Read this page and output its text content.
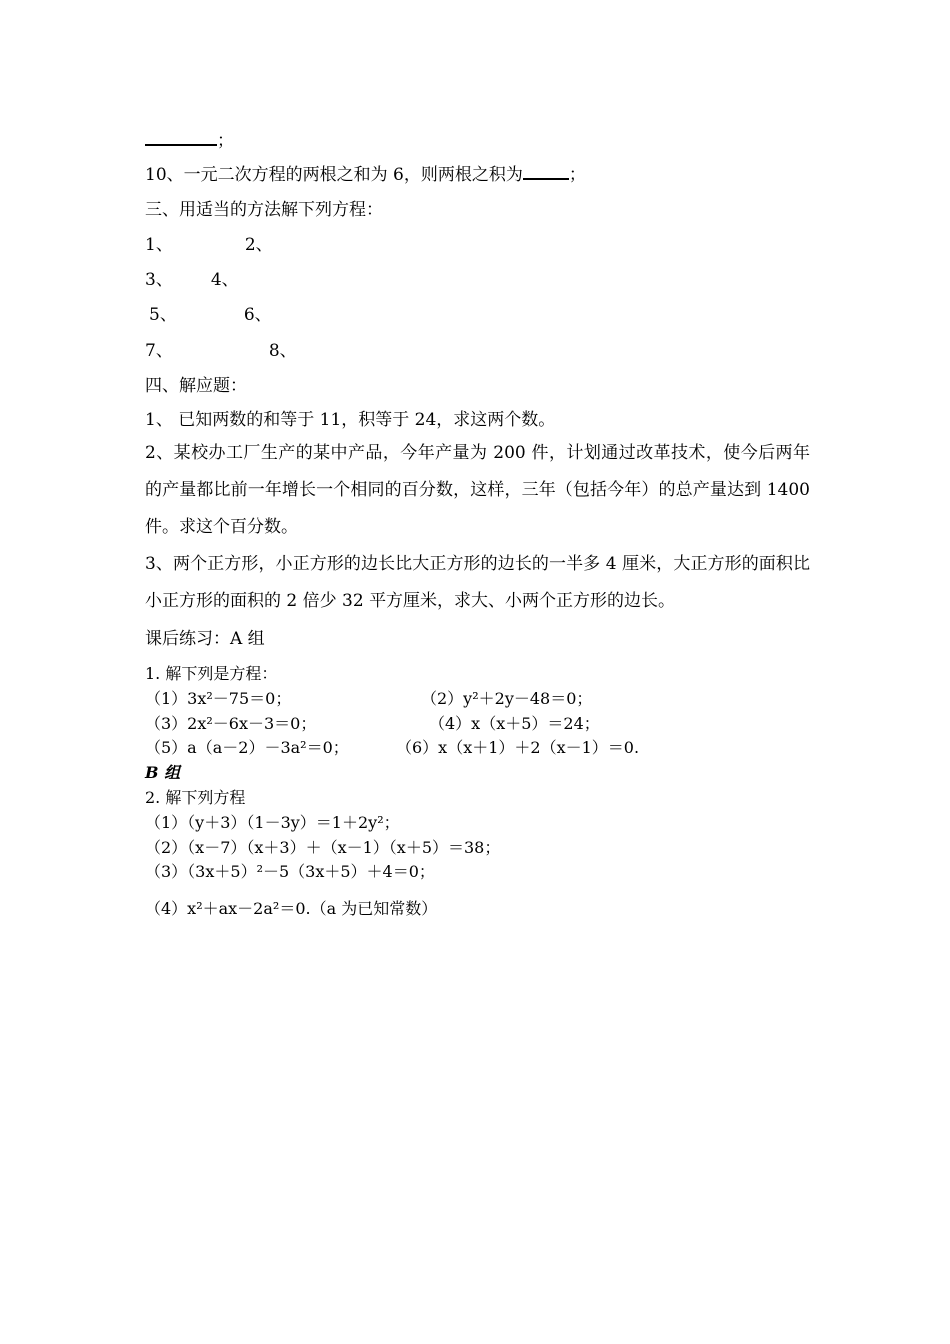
；
10、一元二次方程的两根之和为 6，则两根之积为	；
三、用适当的方法解下列方程：
1、	2、
3、 4、
5、	6、
7、	8、
四、解应题：
1、 已知两数的和等于 11，积等于 24，求这两个数。
2、某校办工厂生产的某中产品，今年产量为 200 件，计划通过改革技术，使今后两年的产量都比前一年增长一个相同的百分数，这样，三年（包括今年）的总产量达到 1400 件。求这个百分数。
3、两个正方形，小正方形的边长比大正方形的边长的一半多 4 厘米，大正方形的面积比小正方形的面积的 2 倍少 32 平方厘米，求大、小两个正方形的边长。
课后练习：A 组
1. 解下列是方程：
（1）3x²－75＝0；	（2）y²＋2y－48＝0；
（3）2x²－6x－3＝0；	（4）x（x＋5）＝24；
（5）a（a－2）－3a²＝0；	（6）x（x＋1）＋2（x－1）＝0.
B 组
2. 解下列方程
（1）（y＋3）（1－3y）＝1＋2y²；
（2）（x－7）（x＋3）＋（x－1）（x＋5）＝38；
（3）（3x＋5）²－5（3x＋5）＋4＝0；
（4）x²＋ax－2a²＝0.（a 为已知常数）
